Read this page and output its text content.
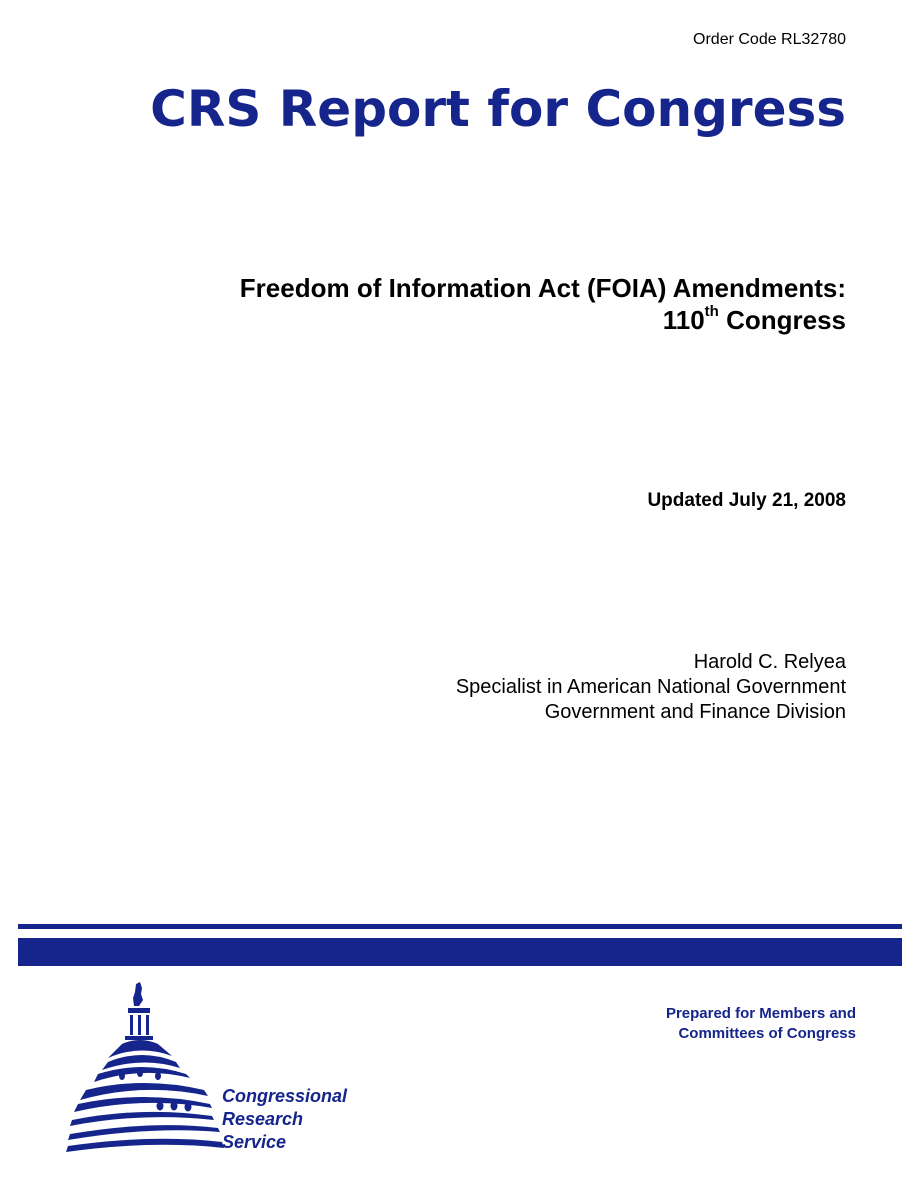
Order Code RL32780
CRS Report for Congress
Freedom of Information Act (FOIA) Amendments:
110th Congress
Updated July 21, 2008
Harold C. Relyea
Specialist in American National Government
Government and Finance Division
Prepared for Members and
Committees of Congress
Congressional
Research
Service
